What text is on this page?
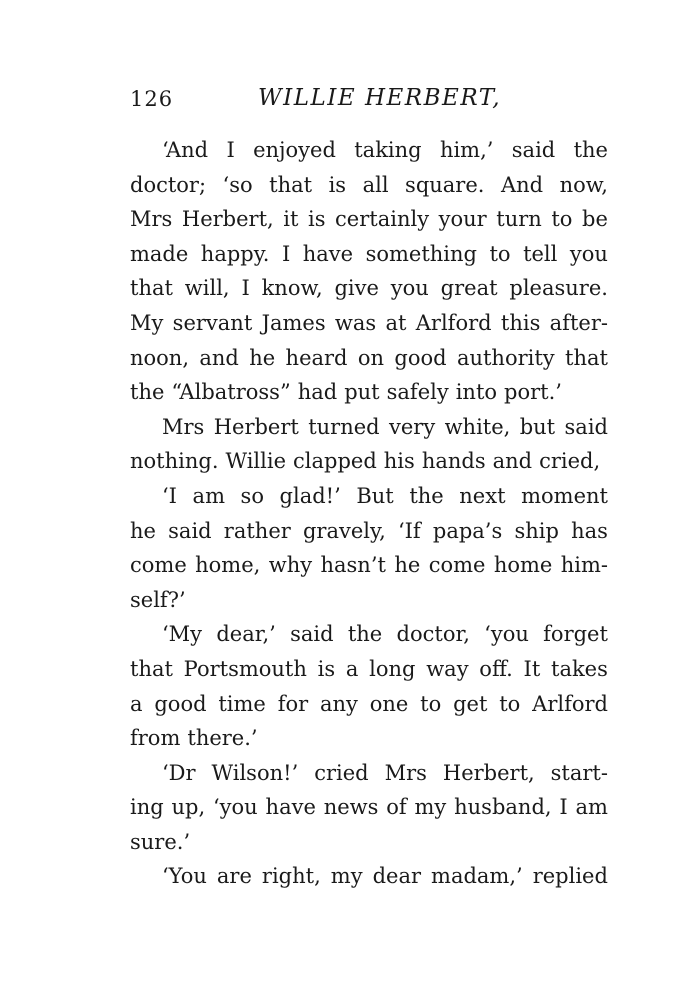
126	WILLIE HERBERT,
‘And I enjoyed taking him,’ said the
doctor; ‘so that is all square. And now,
Mrs Herbert, it is certainly your turn to be
made happy. I have something to tell you
that will, I know, give you great pleasure.
My servant James was at Arlford this after-
noon, and he heard on good authority that
the “Albatross” had put safely into port.’
Mrs Herbert turned very white, but said
nothing. Willie clapped his hands and cried,
‘I am so glad!’ But the next moment
he said rather gravely, ‘If papa’s ship has
come home, why hasn’t he come home him-
self?’
‘My dear,’ said the doctor, ‘you forget
that Portsmouth is a long way off. It takes
a good time for any one to get to Arlford
from there.’
‘Dr Wilson!’ cried Mrs Herbert, start-
ing up, ‘you have news of my husband, I am
sure.’
‘You are right, my dear madam,’ replied
